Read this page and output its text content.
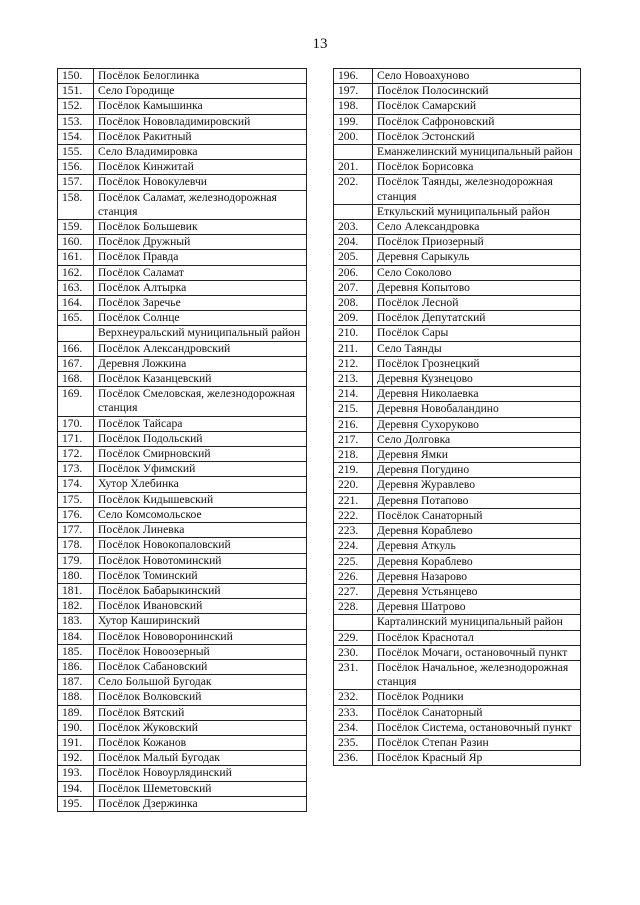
13
150.	Посёлок Белоглинка
151.	Село Городище
152.	Посёлок Камышинка
153.	Посёлок Нововладимировский
154.	Посёлок Ракитный
155.	Село Владимировка
156.	Посёлок Кинжитай
157.	Посёлок Новокулевчи
158.	Посёлок Саламат, железнодорожная станция
159.	Посёлок Большевик
160.	Посёлок Дружный
161.	Посёлок Правда
162.	Посёлок Саламат
163.	Посёлок Алтырка
164.	Посёлок Заречье
165.	Посёлок Солнце
	Верхнеуральский муниципальный район
166.	Посёлок Александровский
167.	Деревня Ложкина
168.	Посёлок Казанцевский
169.	Посёлок Смеловская, железнодорожная станция
170.	Посёлок Тайсара
171.	Посёлок Подольский
172.	Посёлок Смирновский
173.	Посёлок Уфимский
174.	Хутор Хлебинка
175.	Посёлок Кидышевский
176.	Село Комсомольское
177.	Посёлок Линевка
178.	Посёлок Новокопаловский
179.	Посёлок Новотоминский
180.	Посёлок Томинский
181.	Посёлок Бабарыкинский
182.	Посёлок Ивановский
183.	Хутор Каширинский
184.	Посёлок Нововоронинский
185.	Посёлок Новоозерный
186.	Посёлок Сабановский
187.	Село Большой Бугодак
188.	Посёлок Волковский
189.	Посёлок Вятский
190.	Посёлок Жуковский
191.	Посёлок Кожанов
192.	Посёлок Малый Бугодак
193.	Посёлок Новоурлядинский
194.	Посёлок Шеметовский
195.	Посёлок Дзержинка
196.	Село Новоахуново
197.	Посёлок Полосинский
198.	Посёлок Самарский
199.	Посёлок Сафроновский
200.	Посёлок Эстонский
	Еманжелинский муниципальный район
201.	Посёлок Борисовка
202.	Посёлок Таянды, железнодорожная станция
	Еткульский муниципальный район
203.	Село Александровка
204.	Посёлок Приозерный
205.	Деревня Сарыкуль
206.	Село Соколово
207.	Деревня Копытово
208.	Посёлок Лесной
209.	Посёлок Депутатский
210.	Посёлок Сары
211.	Село Таянды
212.	Посёлок Грознецкий
213.	Деревня Кузнецово
214.	Деревня Николаевка
215.	Деревня Новобаландино
216.	Деревня Сухоруково
217.	Село Долговка
218.	Деревня Ямки
219.	Деревня Погудино
220.	Деревня Журавлево
221.	Деревня Потапово
222.	Посёлок Санаторный
223.	Деревня Кораблево
224.	Деревня Аткуль
225.	Деревня Кораблево
226.	Деревня Назарово
227.	Деревня Устьянцево
228.	Деревня Шатрово
	Карталинский муниципальный район
229.	Посёлок Краснотал
230.	Посёлок Мочаги, остановочный пункт
231.	Посёлок Начальное, железнодорожная станция
232.	Посёлок Родники
233.	Посёлок Санаторный
234.	Посёлок Система, остановочный пункт
235.	Посёлок Степан Разин
236.	Посёлок Красный Яр
